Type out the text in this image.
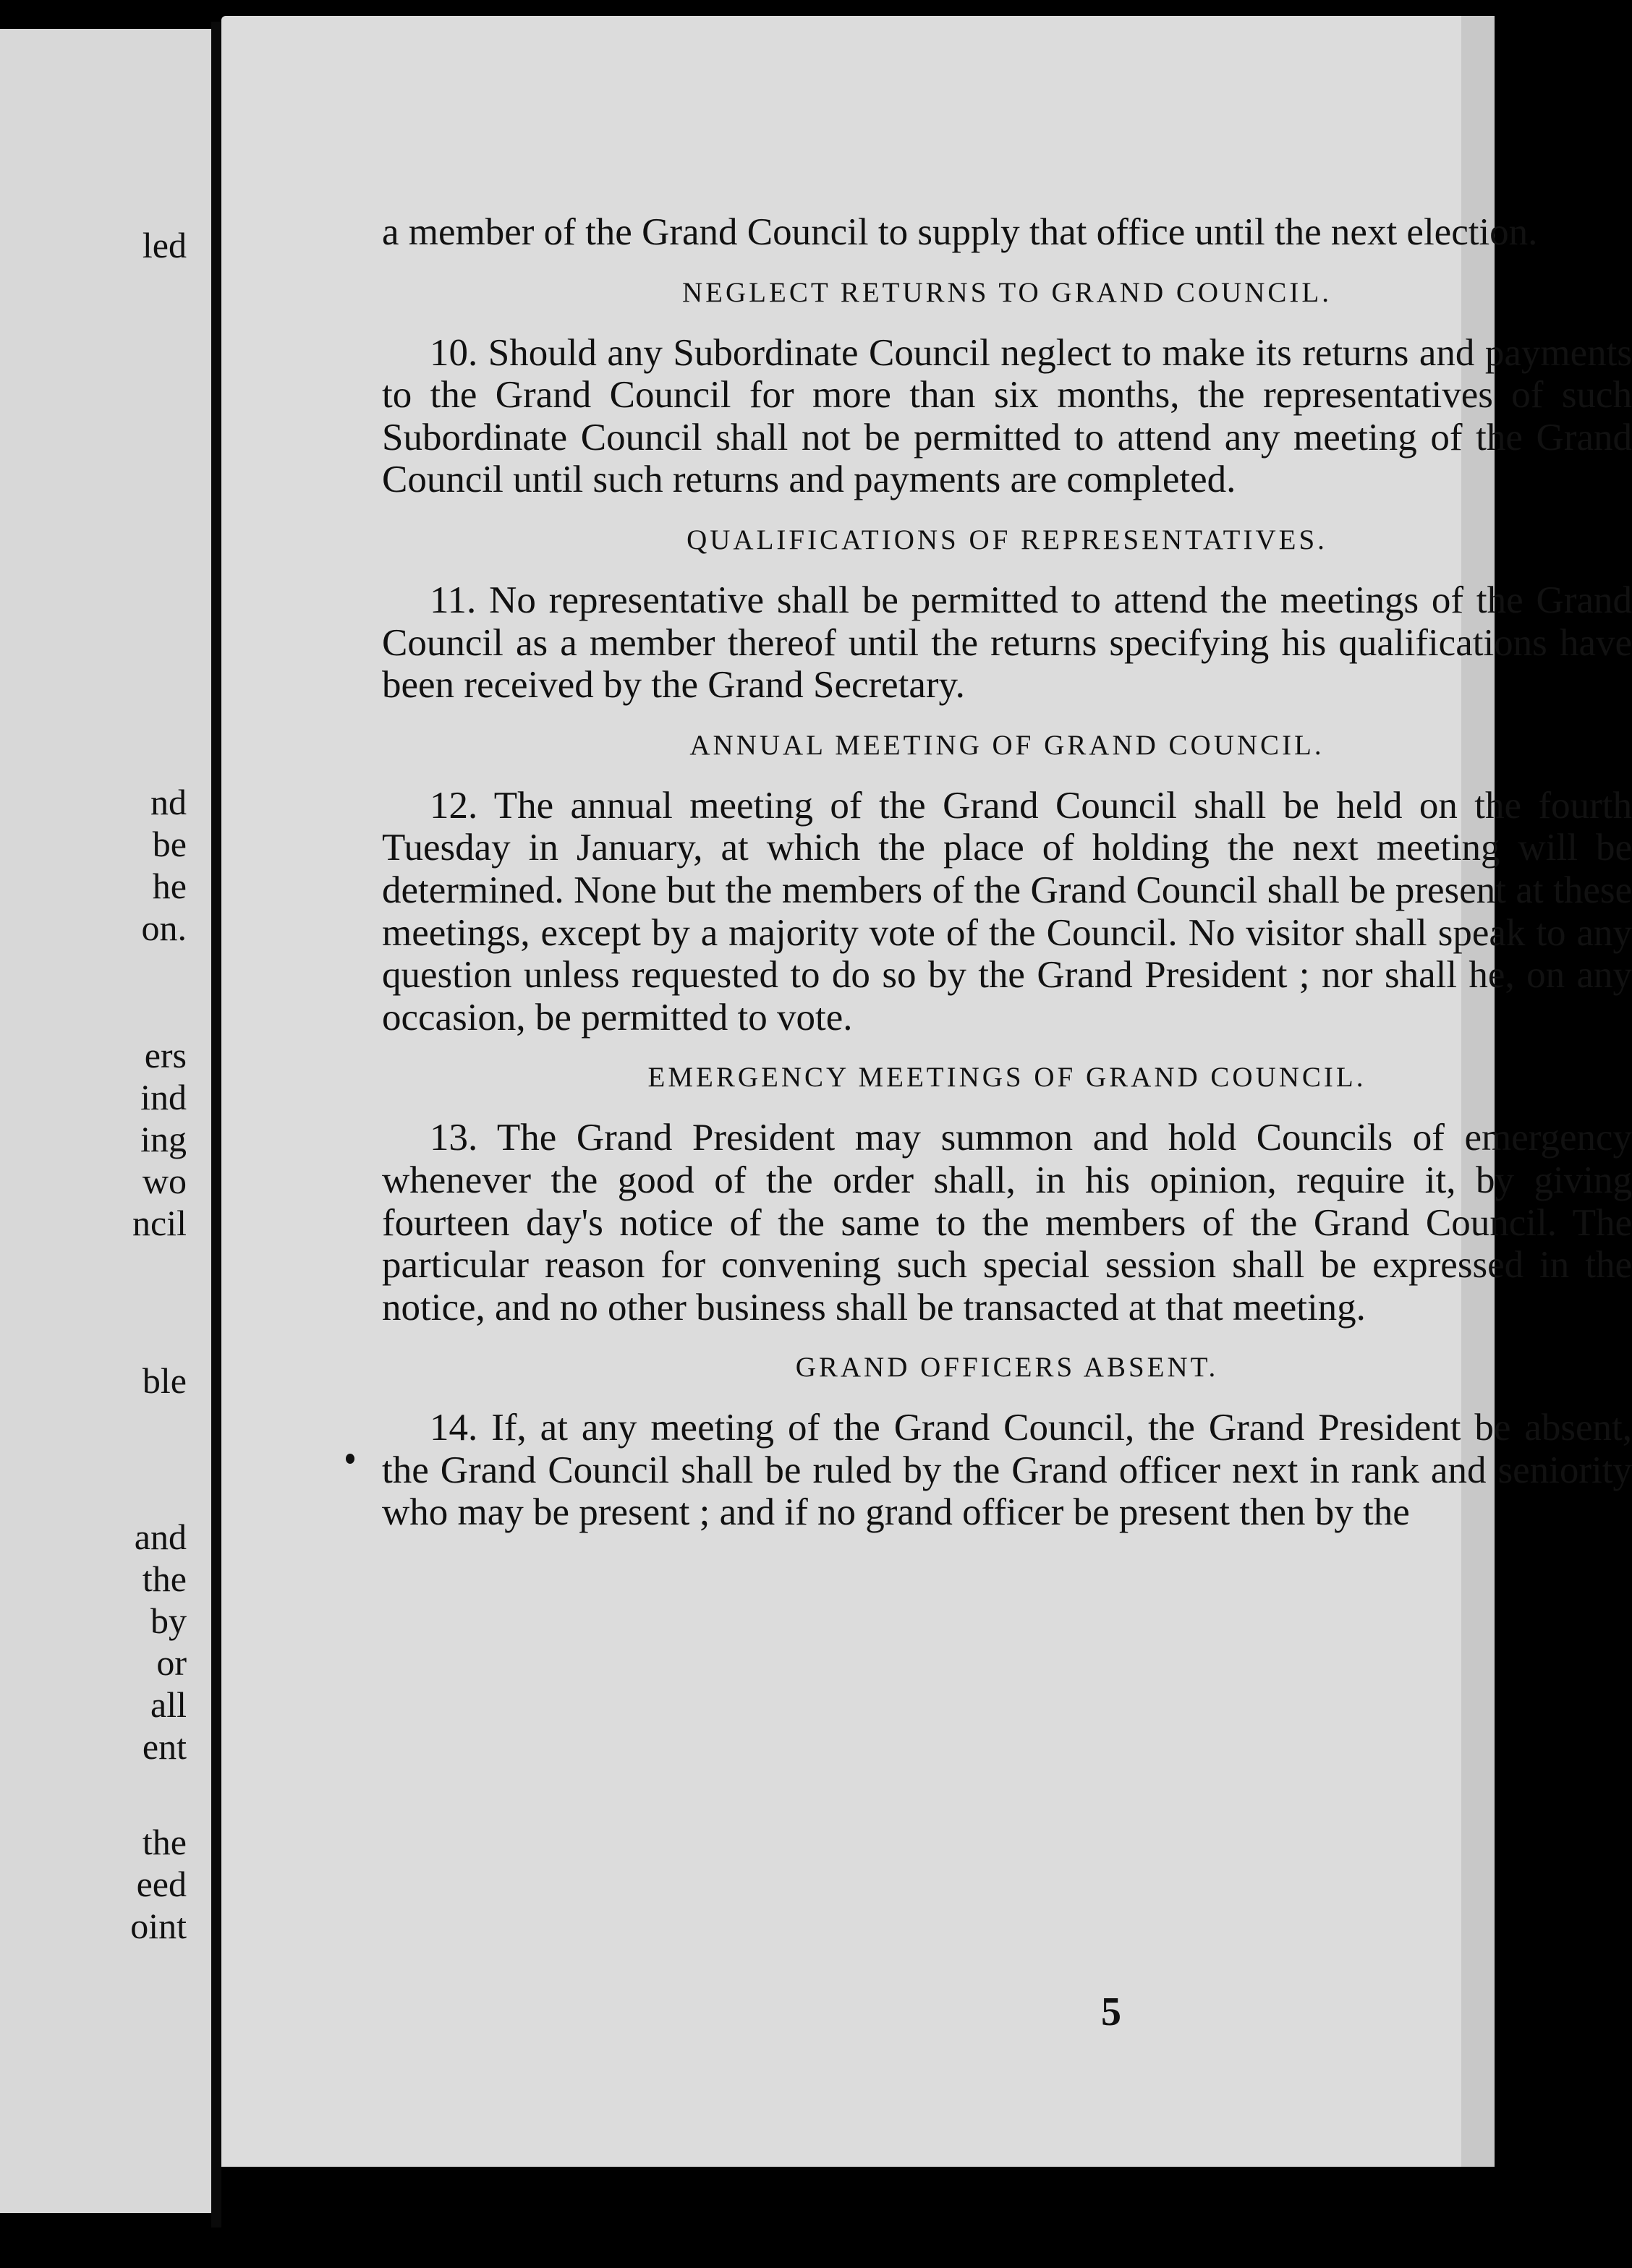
led
nd
be
he
on.
ers
ind
ing
wo
ncil
ble
and
the
by
or
all
ent
the
eed
oint

a member of the Grand Council to supply that office until the next election.

NEGLECT RETURNS TO GRAND COUNCIL.

10. Should any Subordinate Council neglect to make its returns and payments to the Grand Council for more than six months, the representatives of such Subordinate Council shall not be permitted to attend any meeting of the Grand Council until such returns and payments are completed.

QUALIFICATIONS OF REPRESENTATIVES.

11. No representative shall be permitted to attend the meetings of the Grand Council as a member thereof until the returns specifying his qualifications have been received by the Grand Secretary.

ANNUAL MEETING OF GRAND COUNCIL.

12. The annual meeting of the Grand Council shall be held on the fourth Tuesday in January, at which the place of holding the next meeting will be determined. None but the members of the Grand Council shall be present at these meetings, except by a majority vote of the Council. No visitor shall speak to any question unless requested to do so by the Grand President ; nor shall he, on any occasion, be permitted to vote.

EMERGENCY MEETINGS OF GRAND COUNCIL.

13. The Grand President may summon and hold Councils of emergency whenever the good of the order shall, in his opinion, require it, by giving fourteen day's notice of the same to the members of the Grand Council. The particular reason for convening such special session shall be expressed in the notice, and no other business shall be transacted at that meeting.

GRAND OFFICERS ABSENT.

14. If, at any meeting of the Grand Council, the Grand President be absent, the Grand Council shall be ruled by the Grand officer next in rank and seniority who may be present ; and if no grand officer be present then by the

5
